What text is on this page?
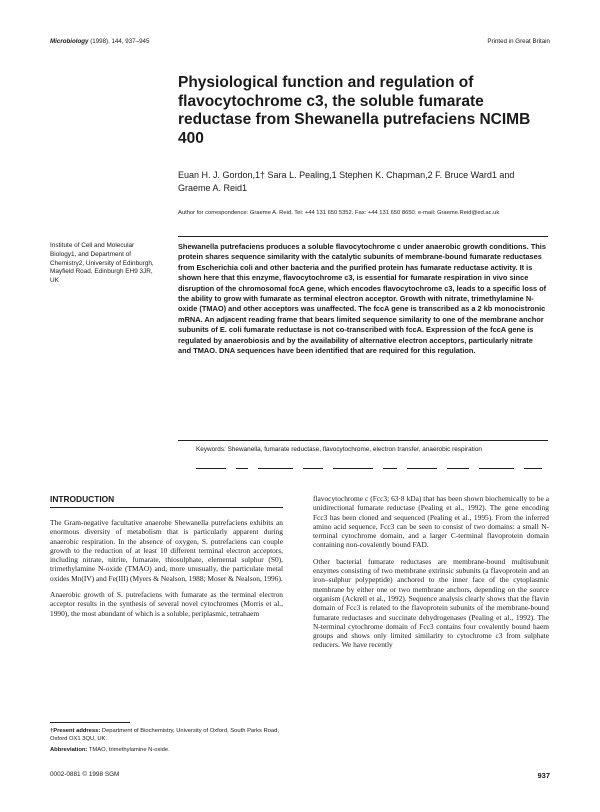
Microbiology (1998), 144, 937–945	Printed in Great Britain
Physiological function and regulation of flavocytochrome c3, the soluble fumarate reductase from Shewanella putrefaciens NCIMB 400
Euan H. J. Gordon,1† Sara L. Pealing,1 Stephen K. Chapman,2 F. Bruce Ward1 and Graeme A. Reid1
Author for correspondence: Graeme A. Reid. Tel: +44 131 650 5352. Fax: +44 131 650 8650. e-mail: Graeme.Reid@ed.ac.uk
Institute of Cell and Molecular Biology1, and Department of Chemistry2, University of Edinburgh, Mayfield Road, Edinburgh EH9 3JR, UK
Shewanella putrefaciens produces a soluble flavocytochrome c under anaerobic growth conditions. This protein shares sequence similarity with the catalytic subunits of membrane-bound fumarate reductases from Escherichia coli and other bacteria and the purified protein has fumarate reductase activity. It is shown here that this enzyme, flavocytochrome c3, is essential for fumarate respiration in vivo since disruption of the chromosomal fccA gene, which encodes flavocytochrome c3, leads to a specific loss of the ability to grow with fumarate as terminal electron acceptor. Growth with nitrate, trimethylamine N-oxide (TMAO) and other acceptors was unaffected. The fccA gene is transcribed as a 2 kb monocistronic mRNA. An adjacent reading frame that bears limited sequence similarity to one of the membrane anchor subunits of E. coli fumarate reductase is not co-transcribed with fccA. Expression of the fccA gene is regulated by anaerobiosis and by the availability of alternative electron acceptors, particularly nitrate and TMAO. DNA sequences have been identified that are required for this regulation.
Keywords: Shewanella, fumarate reductase, flavocytochrome, electron transfer, anaerobic respiration
INTRODUCTION

The Gram-negative facultative anaerobe Shewanella putrefaciens exhibits an enormous diversity of metabolism that is particularly apparent during anaerobic respiration. In the absence of oxygen, S. putrefaciens can couple growth to the reduction of at least 10 different terminal electron acceptors, including nitrate, nitrite, fumarate, thiosulphate, elemental sulphur (S0), trimethylamine N-oxide (TMAO) and, more unusually, the particulate metal oxides Mn(IV) and Fe(III) (Myers & Nealson, 1988; Moser & Nealson, 1996).

Anaerobic growth of S. putrefaciens with fumarate as the terminal electron acceptor results in the synthesis of several novel cytochromes (Morris et al., 1990), the most abundant of which is a soluble, periplasmic, tetrahaem

flavocytochrome c (Fcc3; 63·8 kDa) that has been shown biochemically to be a unidirectional fumarate reductase (Pealing et al., 1992). The gene encoding Fcc3 has been cloned and sequenced (Pealing et al., 1995). From the inferred amino acid sequence, Fcc3 can be seen to consist of two domains: a small N-terminal cytochrome domain, and a larger C-terminal flavoprotein domain containing non-covalently bound FAD.

Other bacterial fumarate reductases are membrane-bound multisubunit enzymes consisting of two membrane extrinsic subunits (a flavoprotein and an iron–sulphur polypeptide) anchored to the inner face of the cytoplasmic membrane by either one or two membrane anchors, depending on the source organism (Ackrell et al., 1992). Sequence analysis clearly shows that the flavin domain of Fcc3 is related to the flavoprotein subunits of the membrane-bound fumarate reductases and succinate dehydrogenases (Pealing et al., 1992). The N-terminal cytochrome domain of Fcc3 contains four covalently bound haem groups and shows only limited similarity to cytochrome c3 from sulphate reducers. We have recently

†Present address: Department of Biochemistry, University of Oxford, South Parks Road, Oxford OX1 3QU, UK.
Abbreviation: TMAO, trimethylamine N-oxide.
0002-0881 © 1998 SGM	937
